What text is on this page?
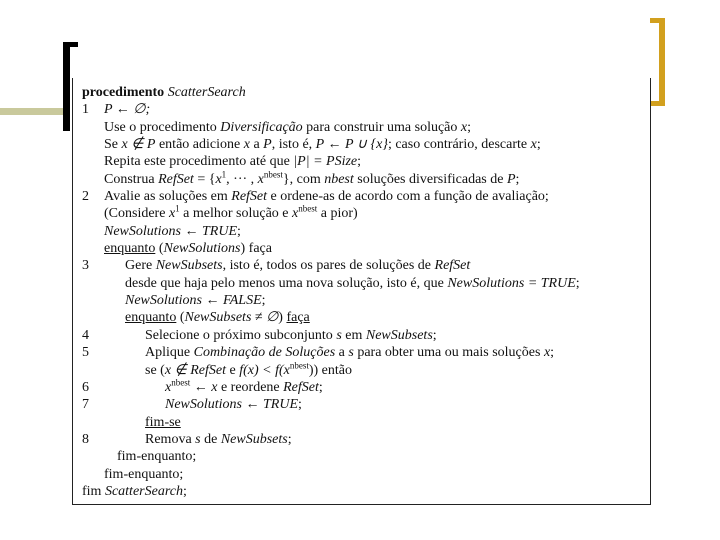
procedimento ScatterSearch
1	P ← ∅;
Use o procedimento Diversificação para construir uma solução x;
Se x ∉ P então adicione x a P, isto é, P ← P ∪ {x}; caso contrário, descarte x;
Repita este procedimento até que |P| = PSize;
Construa RefSet = {$x^1$, ··· , $x^{nbest}$}, com nbest soluções diversificadas de P;
2	Avalie as soluções em RefSet e ordene-as de acordo com a função de avaliação;
(Considere $x^1$ a melhor solução e $x^{nbest}$ a pior)
NewSolutions ← TRUE;
enquanto (NewSolutions) faça
3	Gere NewSubsets, isto é, todos os pares de soluções de RefSet
desde que haja pelo menos uma nova solução, isto é, que NewSolutions = TRUE;
NewSolutions ← FALSE;
enquanto (NewSubsets ≠ ∅) faça
4	Selecione o próximo subconjunto s em NewSubsets;
5	Aplique Combinação de Soluções a s para obter uma ou mais soluções x;
se (x ∉ RefSet e $f(x) < f(x^{nbest})$) então
6	$x^{nbest}$ ← x e reordene RefSet;
7	NewSolutions ← TRUE;
fim-se
8	Remova s de NewSubsets;
fim-enquanto;
fim-enquanto;
fim ScatterSearch;
